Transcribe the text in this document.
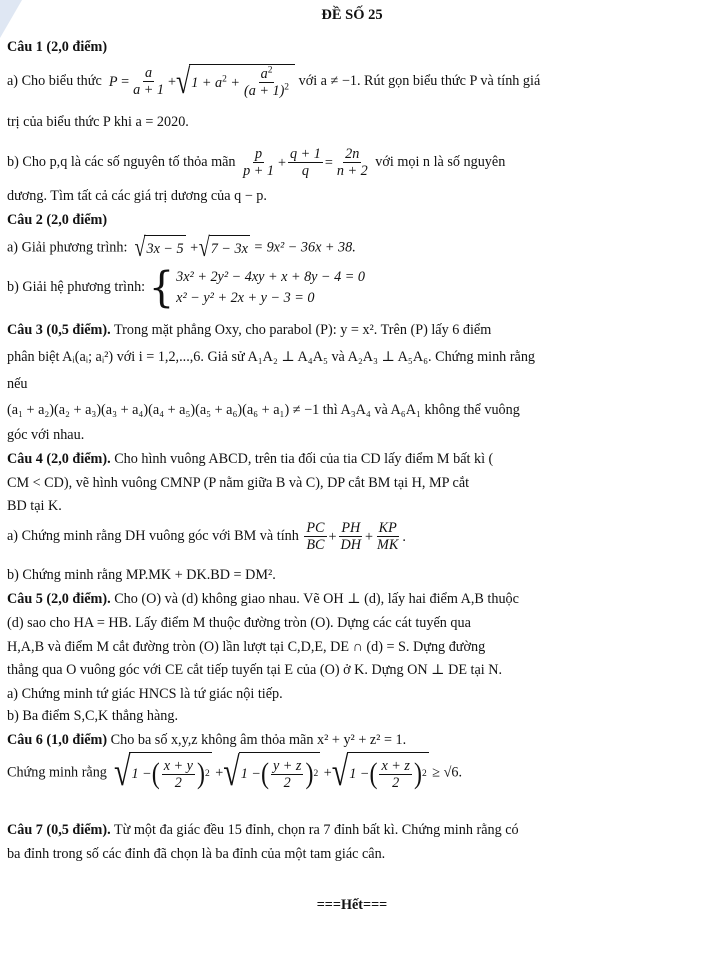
ĐỀ SỐ 25
Câu 1 (2,0 điểm)
a) Cho biểu thức $P = \frac{a}{a + 1}$ + √ $1 + a^2 + \frac{a^2}{(a + 1)^2}$ với a ≠ −1. Rút gọn biểu thức P và tính giá
trị của biểu thức P khi a = 2020.
b) Cho p,q là các số nguyên tố thỏa mãn $\frac{p}{p + 1} + \frac{q + 1}{q} = \frac{2n}{n + 2}$ với mọi n là số nguyên
dương. Tìm tất cả các giá trị dương của q − p.
Câu 2 (2,0 điểm)
a) Giải phương trình: √ 3x − 5 + √ 7 − 3x = 9x² − 36x + 38.
b) Giải hệ phương trình: { 3x² + 2y² − 4xy + x + 8y − 4 = 0
x² − y² + 2x + y − 3 = 0
Câu 3 (0,5 điểm). Trong mặt phẳng Oxy, cho parabol (P): y = x². Trên (P) lấy 6 điểm
phân biệt Aᵢ(aᵢ; aᵢ²) với i = 1,2,...,6. Giả sử A₁A₂ ⊥ A₄A₅ và A₂A₃ ⊥ A₅A₆. Chứng minh rằng
nếu
(a₁ + a₂)(a₂ + a₃)(a₃ + a₄)(a₄ + a₅)(a₅ + a₆)(a₆ + a₁) ≠ −1 thì A₃A₄ và A₆A₁ không thể vuông
góc với nhau.
Câu 4 (2,0 điểm). Cho hình vuông ABCD, trên tia đối của tia CD lấy điểm M bất kì (
CM < CD), vẽ hình vuông CMNP (P nằm giữa B và C), DP cắt BM tại H, MP cắt
BD tại K.
a) Chứng minh rằng DH vuông góc với BM và tính $\frac{PC}{BC} + \frac{PH}{DH} + \frac{KP}{MK}$ .
b) Chứng minh rằng MP.MK + DK.BD = DM².
Câu 5 (2,0 điểm). Cho (O) và (d) không giao nhau. Vẽ OH ⊥ (d), lấy hai điểm A,B thuộc
(d) sao cho HA = HB. Lấy điểm M thuộc đường tròn (O). Dựng các cát tuyến qua
H,A,B và điểm M cắt đường tròn (O) lần lượt tại C,D,E, DE ∩ (d) = S. Dựng đường
thẳng qua O vuông góc với CE cắt tiếp tuyến tại E của (O) ở K. Dựng ON ⊥ DE tại N.
a) Chứng minh tứ giác HNCS là tứ giác nội tiếp.
b) Ba điểm S,C,K thẳng hàng.
Câu 6 (1,0 điểm) Cho ba số x,y,z không âm thỏa mãn x² + y² + z² = 1.
Chứng minh rằng √ 1 − ( $\frac{x + y}{2}$ ) 2 + √ 1 − ( $\frac{y + z}{2}$ ) 2 + √ 1 − ( $\frac{x + z}{2}$ ) 2 ≥ √6.
Câu 7 (0,5 điểm). Từ một đa giác đều 15 đỉnh, chọn ra 7 đỉnh bất kì. Chứng minh rằng có
ba đỉnh trong số các đỉnh đã chọn là ba đỉnh của một tam giác cân.
===Hết===
